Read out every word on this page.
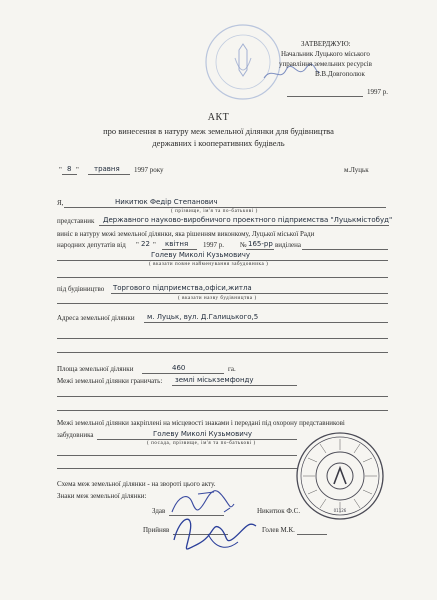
ЗАТВЕРДЖУЮ:
Начальник Луцького міського
управління земельних ресурсів
В.В.Довгополюк
1997 р.
АКТ
про винесення в натуру меж земельної ділянки для будівництва
державних і кооперативних будівель
" 8 " травня 1997 року	м.Луцьк
Я,	Никитюк Федір Степанович
( прізвище, ім'я та по-батькові )
представник Державного науково-виробничого проектного підприємства "Луцькмістобуд"
виніс в натуру межі земельної ділянки, яка рішенням виконкому, Луцької міської Ради
народних депутатів від " 22 " квітня 1997 р. № 165-рр виділена
Голеву Миколі Кузьмовичу
( вказати повне найменування забудовника )
під будівництво Торгового підприємства,офіси,житла
( вказати назву будівництва )
Адреса земельної ділянки м. Луцьк, вул. Д.Галицького,5
Площа земельної ділянки	460	га.
Межі земельної ділянки граничать: землі міськземфонду
Межі земельної ділянки закріплені на місцевості знаками і передані під охорону представникові
забудовника	Голеву Миколі Кузьмовичу
( посада, прізвище, ім'я та по-батькові )
Схема меж земельної ділянки - на звороті цього акту.
Знаки меж земельної ділянки:
Здав	Никитюк Ф.С.
Прийняв	Голев М.К.
01126
